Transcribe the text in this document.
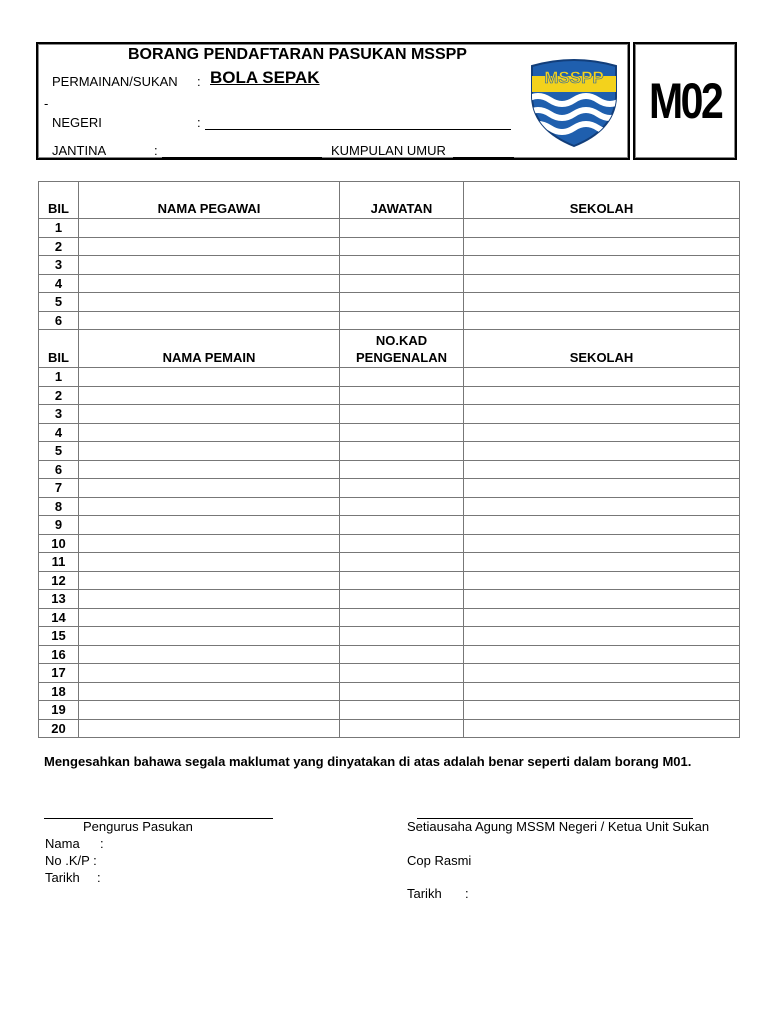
BORANG PENDAFTARAN PASUKAN MSSPP
PERMAINAN/SUKAN : BOLA SEPAK
-
NEGERI	:
JANTINA	:	KUMPULAN UMUR
MSSPP M02
BIL	NAMA PEGAWAI	JAWATAN	SEKOLAH
1			
2			
3			
4			
5			
6			
BIL	NAMA PEMAIN	NO.KAD PENGENALAN	SEKOLAH
1			
2			
3			
4			
5			
6			
7			
8			
9			
10			
11			
12			
13			
14			
15			
16			
17			
18			
19			
20			
Mengesahkan bahawa segala maklumat yang dinyatakan di atas adalah benar seperti dalam borang M01.
Pengurus Pasukan
Nama :
No .K/P :
Tarikh :
Setiausaha Agung MSSM Negeri / Ketua Unit Sukan
Cop Rasmi
Tarikh :
